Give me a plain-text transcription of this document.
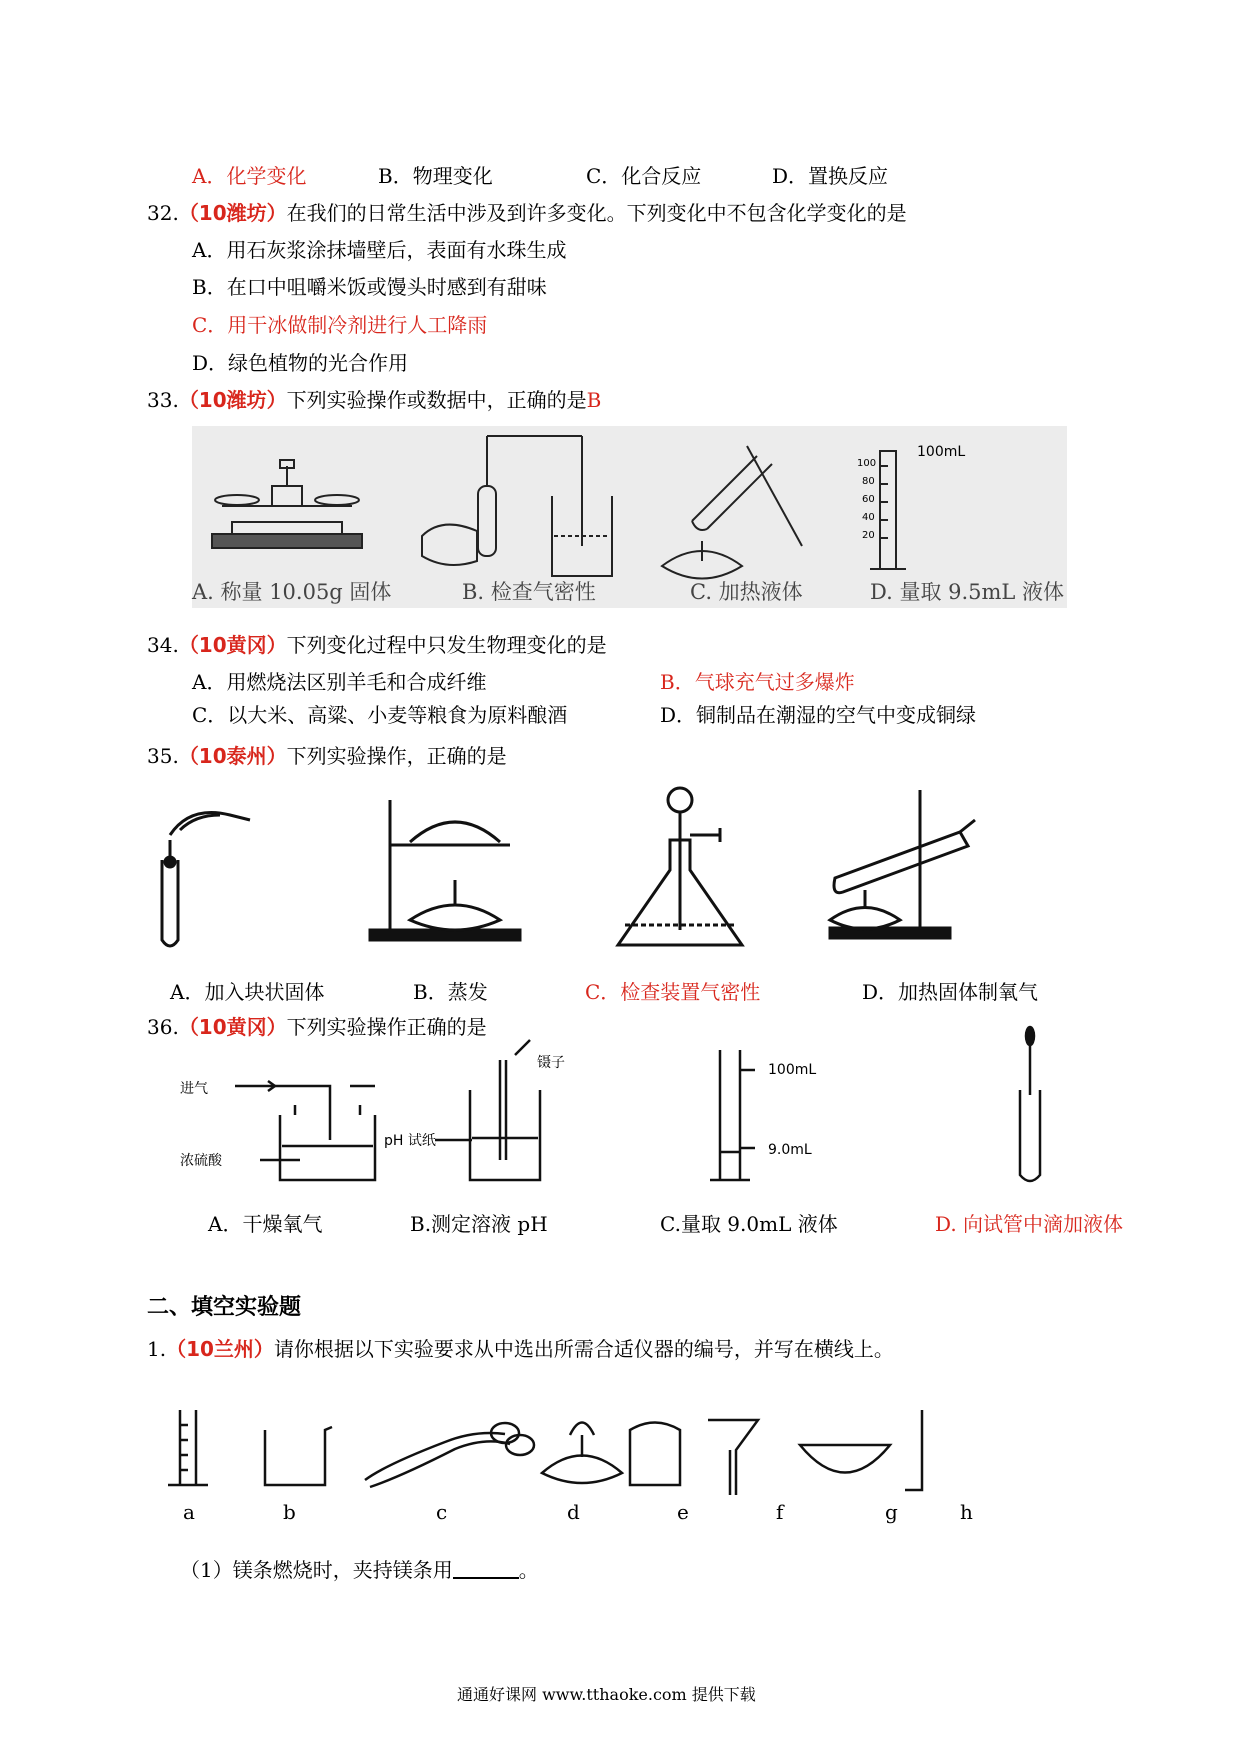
A．化学变化	B．物理变化	C．化合反应	D．置换反应
32.（10潍坊）在我们的日常生活中涉及到许多变化。下列变化中不包含化学变化的是
A．用石灰浆涂抹墙壁后，表面有水珠生成
B．在口中咀嚼米饭或馒头时感到有甜味
C．用干冰做制冷剂进行人工降雨
D．绿色植物的光合作用
33.（10潍坊）下列实验操作或数据中，正确的是B
100mL
100
80
60
40
20
A. 称量 10.05g 固体	B. 检查气密性	C. 加热液体	D. 量取 9.5mL 液体
34.（10黄冈）下列变化过程中只发生物理变化的是
A．用燃烧法区别羊毛和合成纤维	B．气球充气过多爆炸
C．以大米、高粱、小麦等粮食为原料酿酒	D．铜制品在潮湿的空气中变成铜绿
35.（10泰州）下列实验操作，正确的是
A．加入块状固体	B．蒸发	C．检查装置气密性	D．加热固体制氧气
36.（10黄冈）下列实验操作正确的是
进气
浓硫酸
pH 试纸
镊子	100mL
9.0mL
A．干燥氧气	B.测定溶液 pH	C.量取 9.0mL 液体	D. 向试管中滴加液体
二、填空实验题
1.（10兰州）请你根据以下实验要求从中选出所需合适仪器的编号，并写在横线上。
a	b	c	d	e	f	g	h
（1）镁条燃烧时，夹持镁条用	。
通通好课网 www.tthaoke.com 提供下载
